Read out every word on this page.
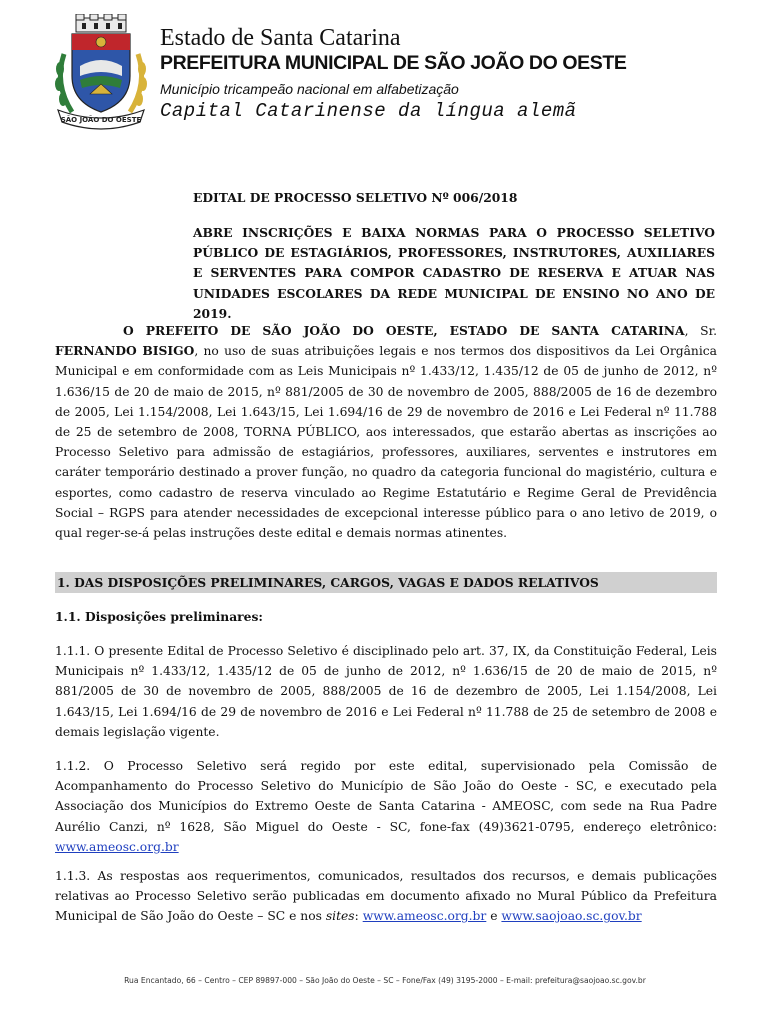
SÃO JOÃO DO OESTE
Estado de Santa Catarina
PREFEITURA MUNICIPAL DE SÃO JOÃO DO OESTE
Município tricampeão nacional em alfabetização
Capital Catarinense da língua alemã
EDITAL DE PROCESSO SELETIVO Nº 006/2018
ABRE INSCRIÇÕES E BAIXA NORMAS PARA O PROCESSO SELETIVO PÚBLICO DE ESTAGIÁRIOS, PROFESSORES, INSTRUTORES, AUXILIARES E SERVENTES PARA COMPOR CADASTRO DE RESERVA E ATUAR NAS UNIDADES ESCOLARES DA REDE MUNICIPAL DE ENSINO NO ANO DE 2019.
O PREFEITO DE SÃO JOÃO DO OESTE, ESTADO DE SANTA CATARINA, Sr. FERNANDO BISIGO, no uso de suas atribuições legais e nos termos dos dispositivos da Lei Orgânica Municipal e em conformidade com as Leis Municipais nº 1.433/12, 1.435/12 de 05 de junho de 2012, nº 1.636/15 de 20 de maio de 2015, nº 881/2005 de 30 de novembro de 2005, 888/2005 de 16 de dezembro de 2005, Lei 1.154/2008, Lei 1.643/15, Lei 1.694/16 de 29 de novembro de 2016 e Lei Federal nº 11.788 de 25 de setembro de 2008, TORNA PÚBLICO, aos interessados, que estarão abertas as inscrições ao Processo Seletivo para admissão de estagiários, professores, auxiliares, serventes e instrutores em caráter temporário destinado a prover função, no quadro da categoria funcional do magistério, cultura e esportes, como cadastro de reserva vinculado ao Regime Estatutário e Regime Geral de Previdência Social – RGPS para atender necessidades de excepcional interesse público para o ano letivo de 2019, o qual reger-se-á pelas instruções deste edital e demais normas atinentes.
1. DAS DISPOSIÇÕES PRELIMINARES, CARGOS, VAGAS E DADOS RELATIVOS
1.1. Disposições preliminares:
1.1.1. O presente Edital de Processo Seletivo é disciplinado pelo art. 37, IX, da Constituição Federal, Leis Municipais nº 1.433/12, 1.435/12 de 05 de junho de 2012, nº 1.636/15 de 20 de maio de 2015, nº 881/2005 de 30 de novembro de 2005, 888/2005 de 16 de dezembro de 2005, Lei 1.154/2008, Lei 1.643/15, Lei 1.694/16 de 29 de novembro de 2016 e Lei Federal nº 11.788 de 25 de setembro de 2008 e demais legislação vigente.
1.1.2. O Processo Seletivo será regido por este edital, supervisionado pela Comissão de Acompanhamento do Processo Seletivo do Município de São João do Oeste - SC, e executado pela Associação dos Municípios do Extremo Oeste de Santa Catarina - AMEOSC, com sede na Rua Padre Aurélio Canzi, nº 1628, São Miguel do Oeste - SC, fone-fax (49)3621-0795, endereço eletrônico: www.ameosc.org.br
1.1.3. As respostas aos requerimentos, comunicados, resultados dos recursos, e demais publicações relativas ao Processo Seletivo serão publicadas em documento afixado no Mural Público da Prefeitura Municipal de São João do Oeste – SC e nos sites: www.ameosc.org.br e www.saojoao.sc.gov.br
Rua Encantado, 66 – Centro – CEP 89897-000 – São João do Oeste – SC – Fone/Fax (49) 3195-2000 – E-mail: prefeitura@saojoao.sc.gov.br
